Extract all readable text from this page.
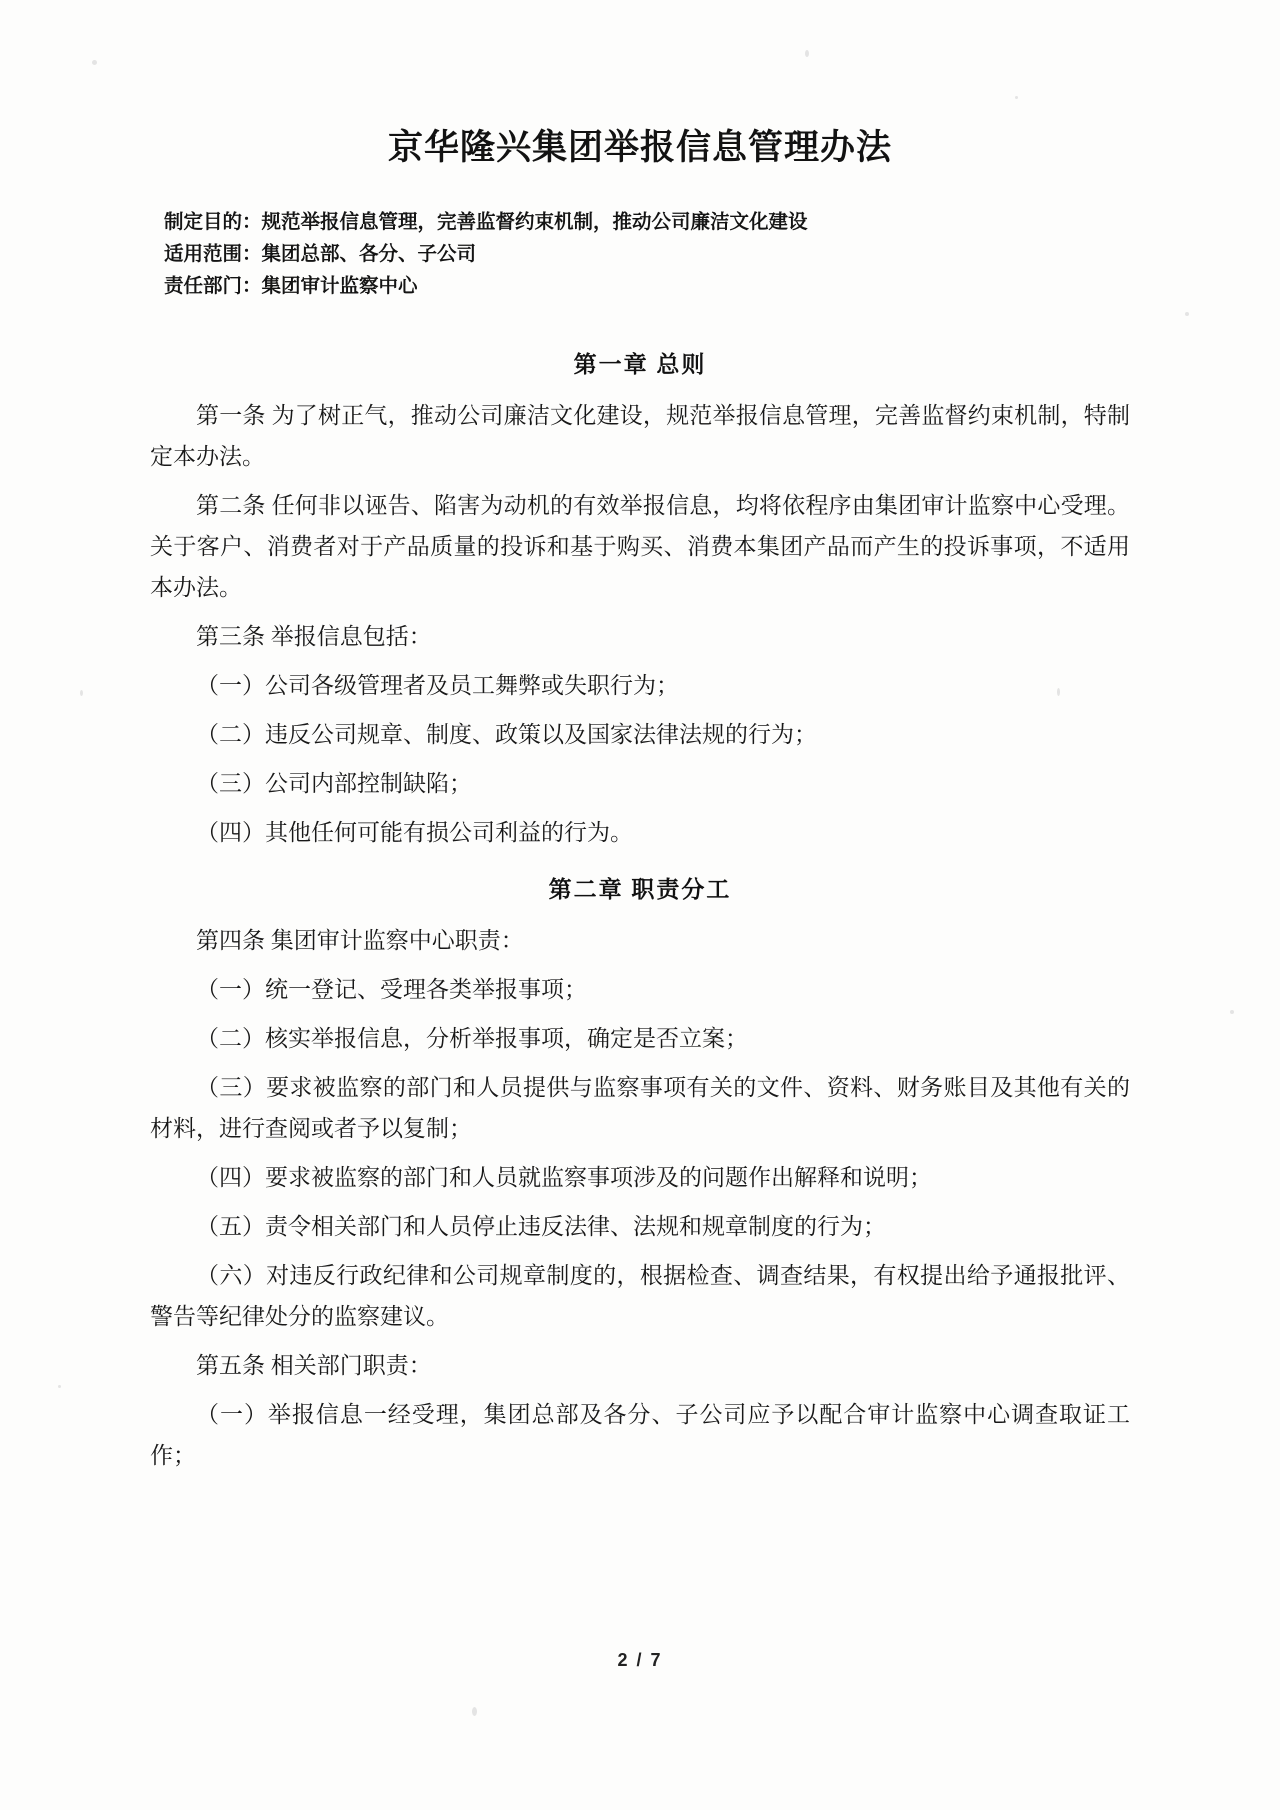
京华隆兴集团举报信息管理办法
制定目的：规范举报信息管理，完善监督约束机制，推动公司廉洁文化建设
适用范围：集团总部、各分、子公司
责任部门：集团审计监察中心
第一章 总则

第一条 为了树正气，推动公司廉洁文化建设，规范举报信息管理，完善监督约束机制，特制定本办法。

第二条 任何非以诬告、陷害为动机的有效举报信息，均将依程序由集团审计监察中心受理。关于客户、消费者对于产品质量的投诉和基于购买、消费本集团产品而产生的投诉事项，不适用本办法。

第三条 举报信息包括：

（一）公司各级管理者及员工舞弊或失职行为；

（二）违反公司规章、制度、政策以及国家法律法规的行为；

（三）公司内部控制缺陷；

（四）其他任何可能有损公司利益的行为。

第二章 职责分工

第四条 集团审计监察中心职责：

（一）统一登记、受理各类举报事项；

（二）核实举报信息，分析举报事项，确定是否立案；

（三）要求被监察的部门和人员提供与监察事项有关的文件、资料、财务账目及其他有关的材料，进行查阅或者予以复制；

（四）要求被监察的部门和人员就监察事项涉及的问题作出解释和说明；

（五）责令相关部门和人员停止违反法律、法规和规章制度的行为；

（六）对违反行政纪律和公司规章制度的，根据检查、调查结果，有权提出给予通报批评、警告等纪律处分的监察建议。

第五条 相关部门职责：

（一）举报信息一经受理，集团总部及各分、子公司应予以配合审计监察中心调查取证工作；

2 / 7
